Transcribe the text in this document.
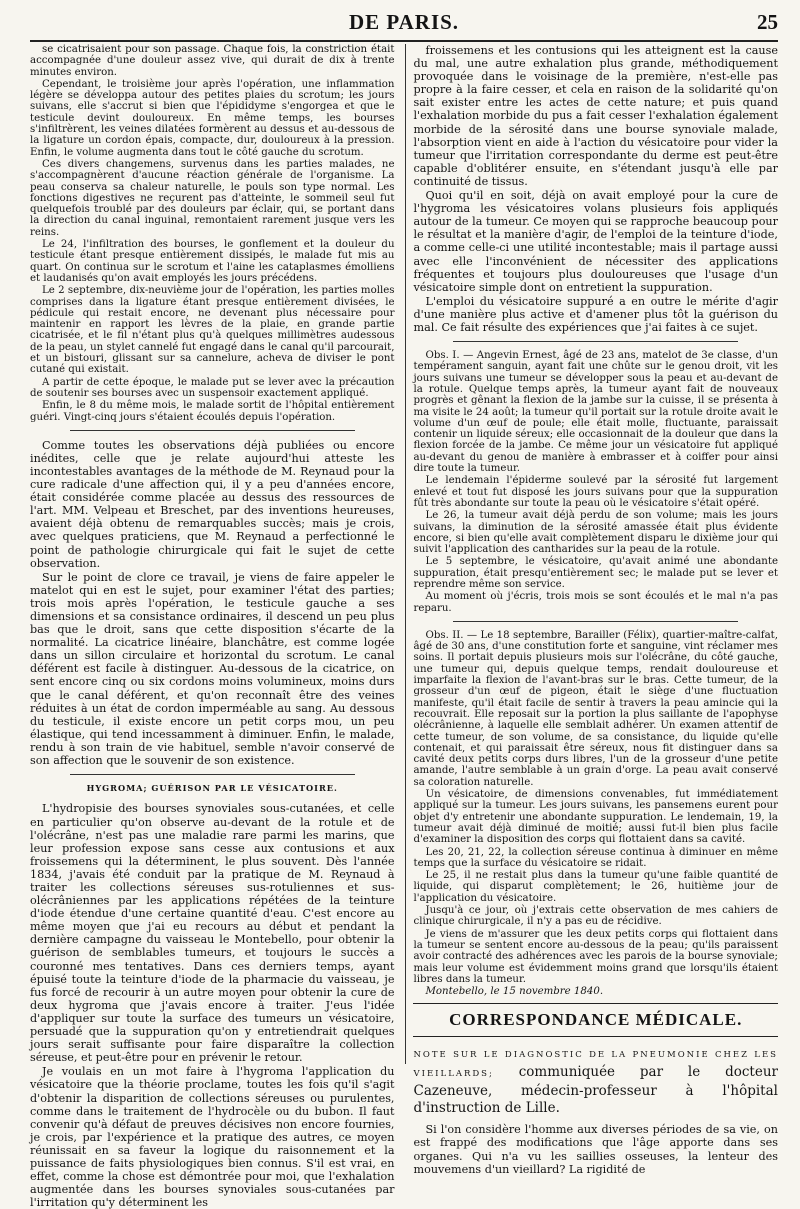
DE PARIS.	25

se cicatrisaient pour son passage. Chaque fois, la constriction était accompagnée d'une douleur assez vive, qui durait de dix à trente minutes environ.

Cependant, le troisième jour après l'opération, une inflammation légère se développa autour des petites plaies du scrotum; les jours suivans, elle s'accrut si bien que l'épididyme s'engorgea et que le testicule devint douloureux. En même temps, les bourses s'infiltrèrent, les veines dilatées formèrent au dessus et au-dessous de la ligature un cordon épais, compacte, dur, douloureux à la pression. Enfin, le volume augmenta dans tout le côté gauche du scrotum.

Ces divers changemens, survenus dans les parties malades, ne s'accompagnèrent d'aucune réaction générale de l'organisme. La peau conserva sa chaleur naturelle, le pouls son type normal. Les fonctions digestives ne reçurent pas d'atteinte, le sommeil seul fut quelquefois troublé par des douleurs par éclair, qui, se portant dans la direction du canal inguinal, remontaient rarement jusque vers les reins.

Le 24, l'infiltration des bourses, le gonflement et la douleur du testicule étant presque entièrement dissipés, le malade fut mis au quart. On continua sur le scrotum et l'aine les cataplasmes émolliens et laudanisés qu'on avait employés les jours précédens.

Le 2 septembre, dix-neuvième jour de l'opération, les parties molles comprises dans la ligature étant presque entièrement divisées, le pédicule qui restait encore, ne devenant plus nécessaire pour maintenir en rapport les lèvres de la plaie, en grande partie cicatrisée, et le fil n'étant plus qu'à quelques millimètres audessous de la peau, un stylet cannelé fut engagé dans le canal qu'il parcourait, et un bistouri, glissant sur sa cannelure, acheva de diviser le pont cutané qui existait.

A partir de cette époque, le malade put se lever avec la précaution de soutenir ses bourses avec un suspensoir exactement appliqué.

Enfin, le 8 du même mois, le malade sortit de l'hôpital entièrement guéri. Vingt-cinq jours s'étaient écoulés depuis l'opération.

Comme toutes les observations déjà publiées ou encore inédites, celle que je relate aujourd'hui atteste les incontestables avantages de la méthode de M. Reynaud pour la cure radicale d'une affection qui, il y a peu d'années encore, était considérée comme placée au dessus des ressources de l'art. MM. Velpeau et Breschet, par des inventions heureuses, avaient déjà obtenu de remarquables succès; mais je crois, avec quelques praticiens, que M. Reynaud a perfectionné le point de pathologie chirurgicale qui fait le sujet de cette observation.

Sur le point de clore ce travail, je viens de faire appeler le matelot qui en est le sujet, pour examiner l'état des parties; trois mois après l'opération, le testicule gauche a ses dimensions et sa consistance ordinaires, il descend un peu plus bas que le droit, sans que cette disposition s'écarte de la normalité. La cicatrice linéaire, blanchâtre, est comme logée dans un sillon circulaire et horizontal du scrotum. Le canal déférent est facile à distinguer. Au-dessous de la cicatrice, on sent encore cinq ou six cordons moins volumineux, moins durs que le canal déférent, et qu'on reconnaît être des veines réduites à un état de cordon imperméable au sang. Au dessous du testicule, il existe encore un petit corps mou, un peu élastique, qui tend incessamment à diminuer. Enfin, le malade, rendu à son train de vie habituel, semble n'avoir conservé de son affection que le souvenir de son existence.

HYGROMA; GUÉRISON PAR LE VÉSICATOIRE.

L'hydropisie des bourses synoviales sous-cutanées, et celle en particulier qu'on observe au-devant de la rotule et de l'olécrâne, n'est pas une maladie rare parmi les marins, que leur profession expose sans cesse aux contusions et aux froissemens qui la déterminent, le plus souvent. Dès l'année 1834, j'avais été conduit par la pratique de M. Reynaud à traiter les collections séreuses sus-rotuliennes et sus-olécrâniennes par les applications répétées de la teinture d'iode étendue d'une certaine quantité d'eau. C'est encore au même moyen que j'ai eu recours au début et pendant la dernière campagne du vaisseau le Montebello, pour obtenir la guérison de semblables tumeurs, et toujours le succès a couronné mes tentatives. Dans ces derniers temps, ayant épuisé toute la teinture d'iode de la pharmacie du vaisseau, je fus forcé de recourir à un autre moyen pour obtenir la cure de deux hygroma que j'avais encore à traiter. J'eus l'idée d'appliquer sur toute la surface des tumeurs un vésicatoire, persuadé que la suppuration qu'on y entretiendrait quelques jours serait suffisante pour faire disparaître la collection séreuse, et peut-être pour en prévenir le retour.

Je voulais en un mot faire à l'hygroma l'application du vésicatoire que la théorie proclame, toutes les fois qu'il s'agit d'obtenir la disparition de collections séreuses ou purulentes, comme dans le traitement de l'hydrocèle ou du bubon. Il faut convenir qu'à défaut de preuves décisives non encore fournies, je crois, par l'expérience et la pratique des autres, ce moyen réunissait en sa faveur la logique du raisonnement et la puissance de faits physiologiques bien connus. S'il est vrai, en effet, comme la chose est démontrée pour moi, que l'exhalation augmentée dans les bourses synoviales sous-cutanées par l'irritation qu'y déterminent les

froissemens et les contusions qui les atteignent est la cause du mal, une autre exhalation plus grande, méthodiquement provoquée dans le voisinage de la première, n'est-elle pas propre à la faire cesser, et cela en raison de la solidarité qu'on sait exister entre les actes de cette nature; et puis quand l'exhalation morbide du pus a fait cesser l'exhalation également morbide de la sérosité dans une bourse synoviale malade, l'absorption vient en aide à l'action du vésicatoire pour vider la tumeur que l'irritation correspondante du derme est peut-être capable d'oblitérer ensuite, en s'étendant jusqu'à elle par continuité de tissus.

Quoi qu'il en soit, déjà on avait employé pour la cure de l'hygroma les vésicatoires volans plusieurs fois appliqués autour de la tumeur. Ce moyen qui se rapproche beaucoup pour le résultat et la manière d'agir, de l'emploi de la teinture d'iode, a comme celle-ci une utilité incontestable; mais il partage aussi avec elle l'inconvénient de nécessiter des applications fréquentes et toujours plus douloureuses que l'usage d'un vésicatoire simple dont on entretient la suppuration.

L'emploi du vésicatoire suppuré a en outre le mérite d'agir d'une manière plus active et d'amener plus tôt la guérison du mal. Ce fait résulte des expériences que j'ai faites à ce sujet.

Obs. I. — Angevin Ernest, âgé de 23 ans, matelot de 3e classe, d'un tempérament sanguin, ayant fait une chûte sur le genou droit, vit les jours suivans une tumeur se développer sous la peau et au-devant de la rotule. Quelque temps après, la tumeur ayant fait de nouveaux progrès et gênant la flexion de la jambe sur la cuisse, il se présenta à ma visite le 24 août; la tumeur qu'il portait sur la rotule droite avait le volume d'un œuf de poule; elle était molle, fluctuante, paraissait contenir un liquide séreux; elle occasionnait de la douleur que dans la flexion forcée de la jambe. Ce même jour un vésicatoire fut appliqué au-devant du genou de manière à embrasser et à coiffer pour ainsi dire toute la tumeur.

Le lendemain l'épiderme soulevé par la sérosité fut largement enlevé et tout fut disposé les jours suivans pour que la suppuration fût très abondante sur toute la peau où le vésicatoire s'était opéré.

Le 26, la tumeur avait déjà perdu de son volume; mais les jours suivans, la diminution de la sérosité amassée était plus évidente encore, si bien qu'elle avait complètement disparu le dixième jour qui suivit l'application des cantharides sur la peau de la rotule.

Le 5 septembre, le vésicatoire, qu'avait animé une abondante suppuration, était presqu'entièrement sec; le malade put se lever et reprendre même son service.

Au moment où j'écris, trois mois se sont écoulés et le mal n'a pas reparu.

Obs. II. — Le 18 septembre, Barailler (Félix), quartier-maître-calfat, âgé de 30 ans, d'une constitution forte et sanguine, vint réclamer mes soins. Il portait depuis plusieurs mois sur l'olécrâne, du côté gauche, une tumeur qui, depuis quelque temps, rendait douloureuse et imparfaite la flexion de l'avant-bras sur le bras. Cette tumeur, de la grosseur d'un œuf de pigeon, était le siège d'une fluctuation manifeste, qu'il était facile de sentir à travers la peau amincie qui la recouvrait. Elle reposait sur la portion la plus saillante de l'apophyse olécrânienne, à laquelle elle semblait adhérer. Un examen attentif de cette tumeur, de son volume, de sa consistance, du liquide qu'elle contenait, et qui paraissait être séreux, nous fit distinguer dans sa cavité deux petits corps durs libres, l'un de la grosseur d'une petite amande, l'autre semblable à un grain d'orge. La peau avait conservé sa coloration naturelle.

Un vésicatoire, de dimensions convenables, fut immédiatement appliqué sur la tumeur. Les jours suivans, les pansemens eurent pour objet d'y entretenir une abondante suppuration. Le lendemain, 19, la tumeur avait déjà diminué de moitié; aussi fut-il bien plus facile d'examiner la disposition des corps qui flottaient dans sa cavité.

Les 20, 21, 22, la collection séreuse continua à diminuer en même temps que la surface du vésicatoire se ridait.

Le 25, il ne restait plus dans la tumeur qu'une faible quantité de liquide, qui disparut complètement; le 26, huitième jour de l'application du vésicatoire.

Jusqu'à ce jour, où j'extrais cette observation de mes cahiers de clinique chirurgicale, il n'y a pas eu de récidive.

Je viens de m'assurer que les deux petits corps qui flottaient dans la tumeur se sentent encore au-dessous de la peau; qu'ils paraissent avoir contracté des adhérences avec les parois de la bourse synoviale; mais leur volume est évidemment moins grand que lorsqu'ils étaient libres dans la tumeur.

Montebello, le 15 novembre 1840.

CORRESPONDANCE MÉDICALE.

NOTE SUR LE DIAGNOSTIC DE LA PNEUMONIE CHEZ LES VIEILLARDS; communiquée par le docteur Cazeneuve, médecin-professeur à l'hôpital d'instruction de Lille.

Si l'on considère l'homme aux diverses périodes de sa vie, on est frappé des modifications que l'âge apporte dans ses organes. Qui n'a vu les saillies osseuses, la lenteur des mouvemens d'un vieillard? La rigidité de
